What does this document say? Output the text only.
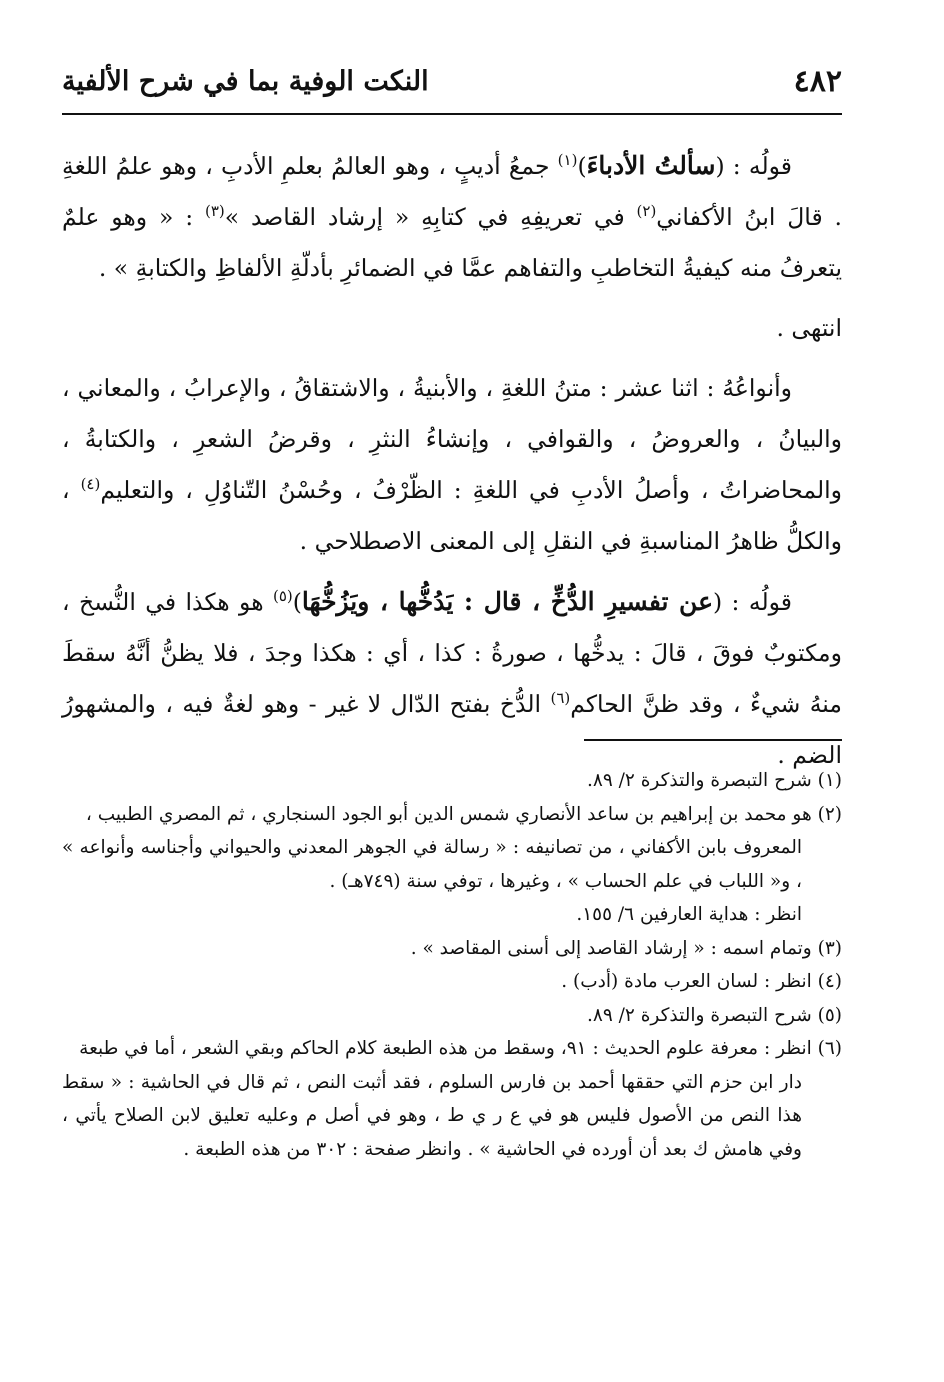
٤٨٢
النكت الوفية بما في شرح الألفية

قولُه : (سألتُ الأدباءَ)$^{(١)}$ جمعُ أديبٍ ، وهو العالمُ بعلمِ الأدبِ ، وهو علمُ اللغةِ . قالَ ابنُ الأكفاني$^{(٢)}$ في تعريفِهِ في كتابِهِ « إرشاد القاصد »$^{(٣)}$ : « وهو علمٌ يتعرفُ منه كيفيةُ التخاطبِ والتفاهم عمَّا في الضمائرِ بأدلّةِ الألفاظِ والكتابةِ » .

انتهى .

وأنواعُهُ : اثنا عشر : متنُ اللغةِ ، والأبنيةُ ، والاشتقاقُ ، والإعرابُ ، والمعاني ، والبيانُ ، والعروضُ ، والقوافي ، وإنشاءُ النثرِ ، وقرضُ الشعرِ ، والكتابةُ ، والمحاضراتُ ، وأصلُ الأدبِ في اللغةِ : الظّرْفُ ، وحُسْنُ التّناوُلِ ، والتعليم$^{(٤)}$ ، والكلُّ ظاهرُ المناسبةِ في النقلِ إلى المعنى الاصطلاحي .

قولُه : (عن تفسيرِ الدُّخِّ ، قال : يَدُخُّها ، ويَزُخُّهَا)$^{(٥)}$ هو هكذا في النُّسخ ، ومكتوبٌ فوقَ ، قالَ : يدخُّها ، صورةُ : كذا ، أي : هكذا وجدَ ، فلا يظنُّ أنَّهُ سقطَ منهُ شيءٌ ، وقد ظنَّ الحاكم$^{(٦)}$ الدُّخ بفتح الدّال لا غير - وهو لغةٌ فيه ، والمشهورُ الضم .

(١) شرح التبصرة والتذكرة ٢/ ٨٩.
(٢) هو محمد بن إبراهيم بن ساعد الأنصاري شمس الدين أبو الجود السنجاري ، ثم المصري الطبيب ،
المعروف بابن الأكفاني ، من تصانيفه : « رسالة في الجوهر المعدني والحيواني وأجناسه وأنواعه » ، و« اللباب في علم الحساب » ، وغيرها ، توفي سنة (٧٤٩هـ) .
انظر : هداية العارفين ٦/ ١٥٥.
(٣) وتمام اسمه : « إرشاد القاصد إلى أسنى المقاصد » .
(٤) انظر : لسان العرب مادة (أدب) .
(٥) شرح التبصرة والتذكرة ٢/ ٨٩.
(٦) انظر : معرفة علوم الحديث : ٩١، وسقط من هذه الطبعة كلام الحاكم وبقي الشعر ، أما في طبعة
دار ابن حزم التي حققها أحمد بن فارس السلوم ، فقد أثبت النص ، ثم قال في الحاشية : « سقط هذا النص من الأصول فليس هو في ع ر ي ط ، وهو في أصل م وعليه تعليق لابن الصلاح يأتي ، وفي هامش ك بعد أن أورده في الحاشية » . وانظر صفحة : ٣٠٢ من هذه الطبعة .
